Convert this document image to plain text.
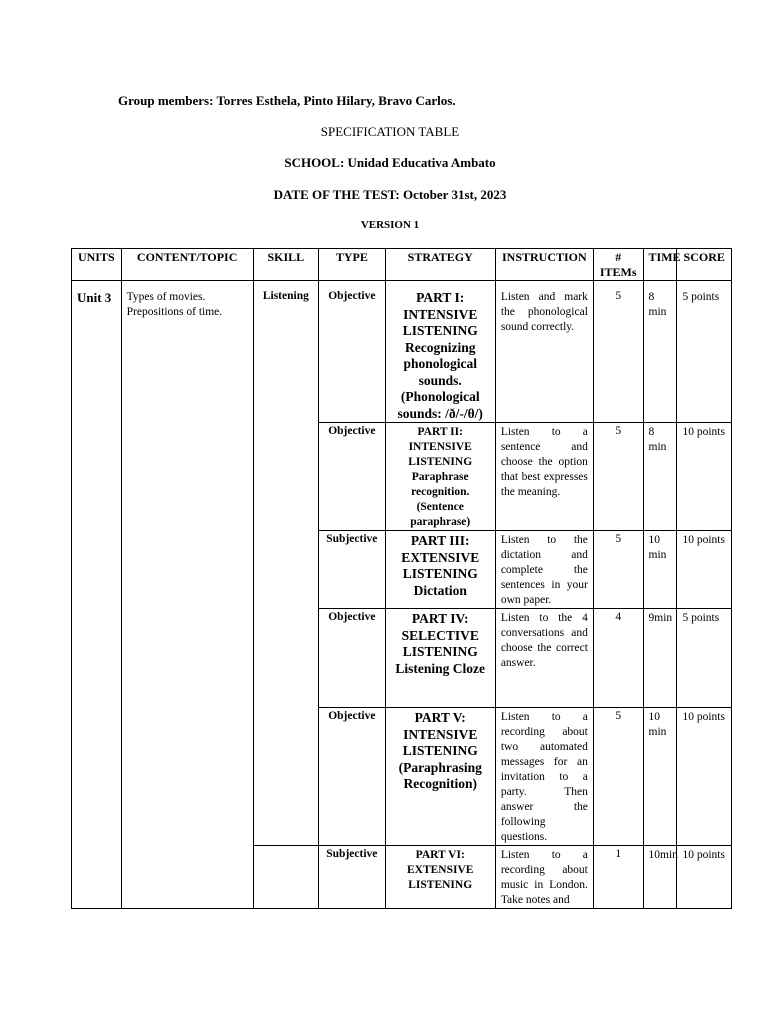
Group members: Torres Esthela, Pinto Hilary, Bravo Carlos.
SPECIFICATION TABLE
SCHOOL: Unidad Educativa Ambato
DATE OF THE TEST: October 31st, 2023
VERSION 1
UNITS	CONTENT/TOPIC	SKILL	TYPE	STRATEGY	INSTRUCTION	# ITEMs	TIME	SCORE
Unit 3	Types of movies. Prepositions of time.	Listening	Objective	PART I: INTENSIVE LISTENING Recognizing phonological sounds. (Phonological sounds: /ð/-/θ/)	Listen and mark the phonological sound correctly.	5	8 min	5 points
			Objective	PART II: INTENSIVE LISTENING Paraphrase recognition. (Sentence paraphrase)	Listen to a sentence and choose the option that best expresses the meaning.	5	8 min	10 points
			Subjective	PART III: EXTENSIVE LISTENING Dictation	Listen to the dictation and complete the sentences in your own paper.	5	10 min	10 points
			Objective	PART IV: SELECTIVE LISTENING Listening Cloze	Listen to the 4 conversations and choose the correct answer.	4	9min	5 points
			Objective	PART V: INTENSIVE LISTENING (Paraphrasing Recognition)	Listen to a recording about two automated messages for an invitation to a party. Then answer the following questions.	5	10 min	10 points
			Subjective	PART VI: EXTENSIVE LISTENING	Listen to a recording about music in London. Take notes and	1	10min	10 points
